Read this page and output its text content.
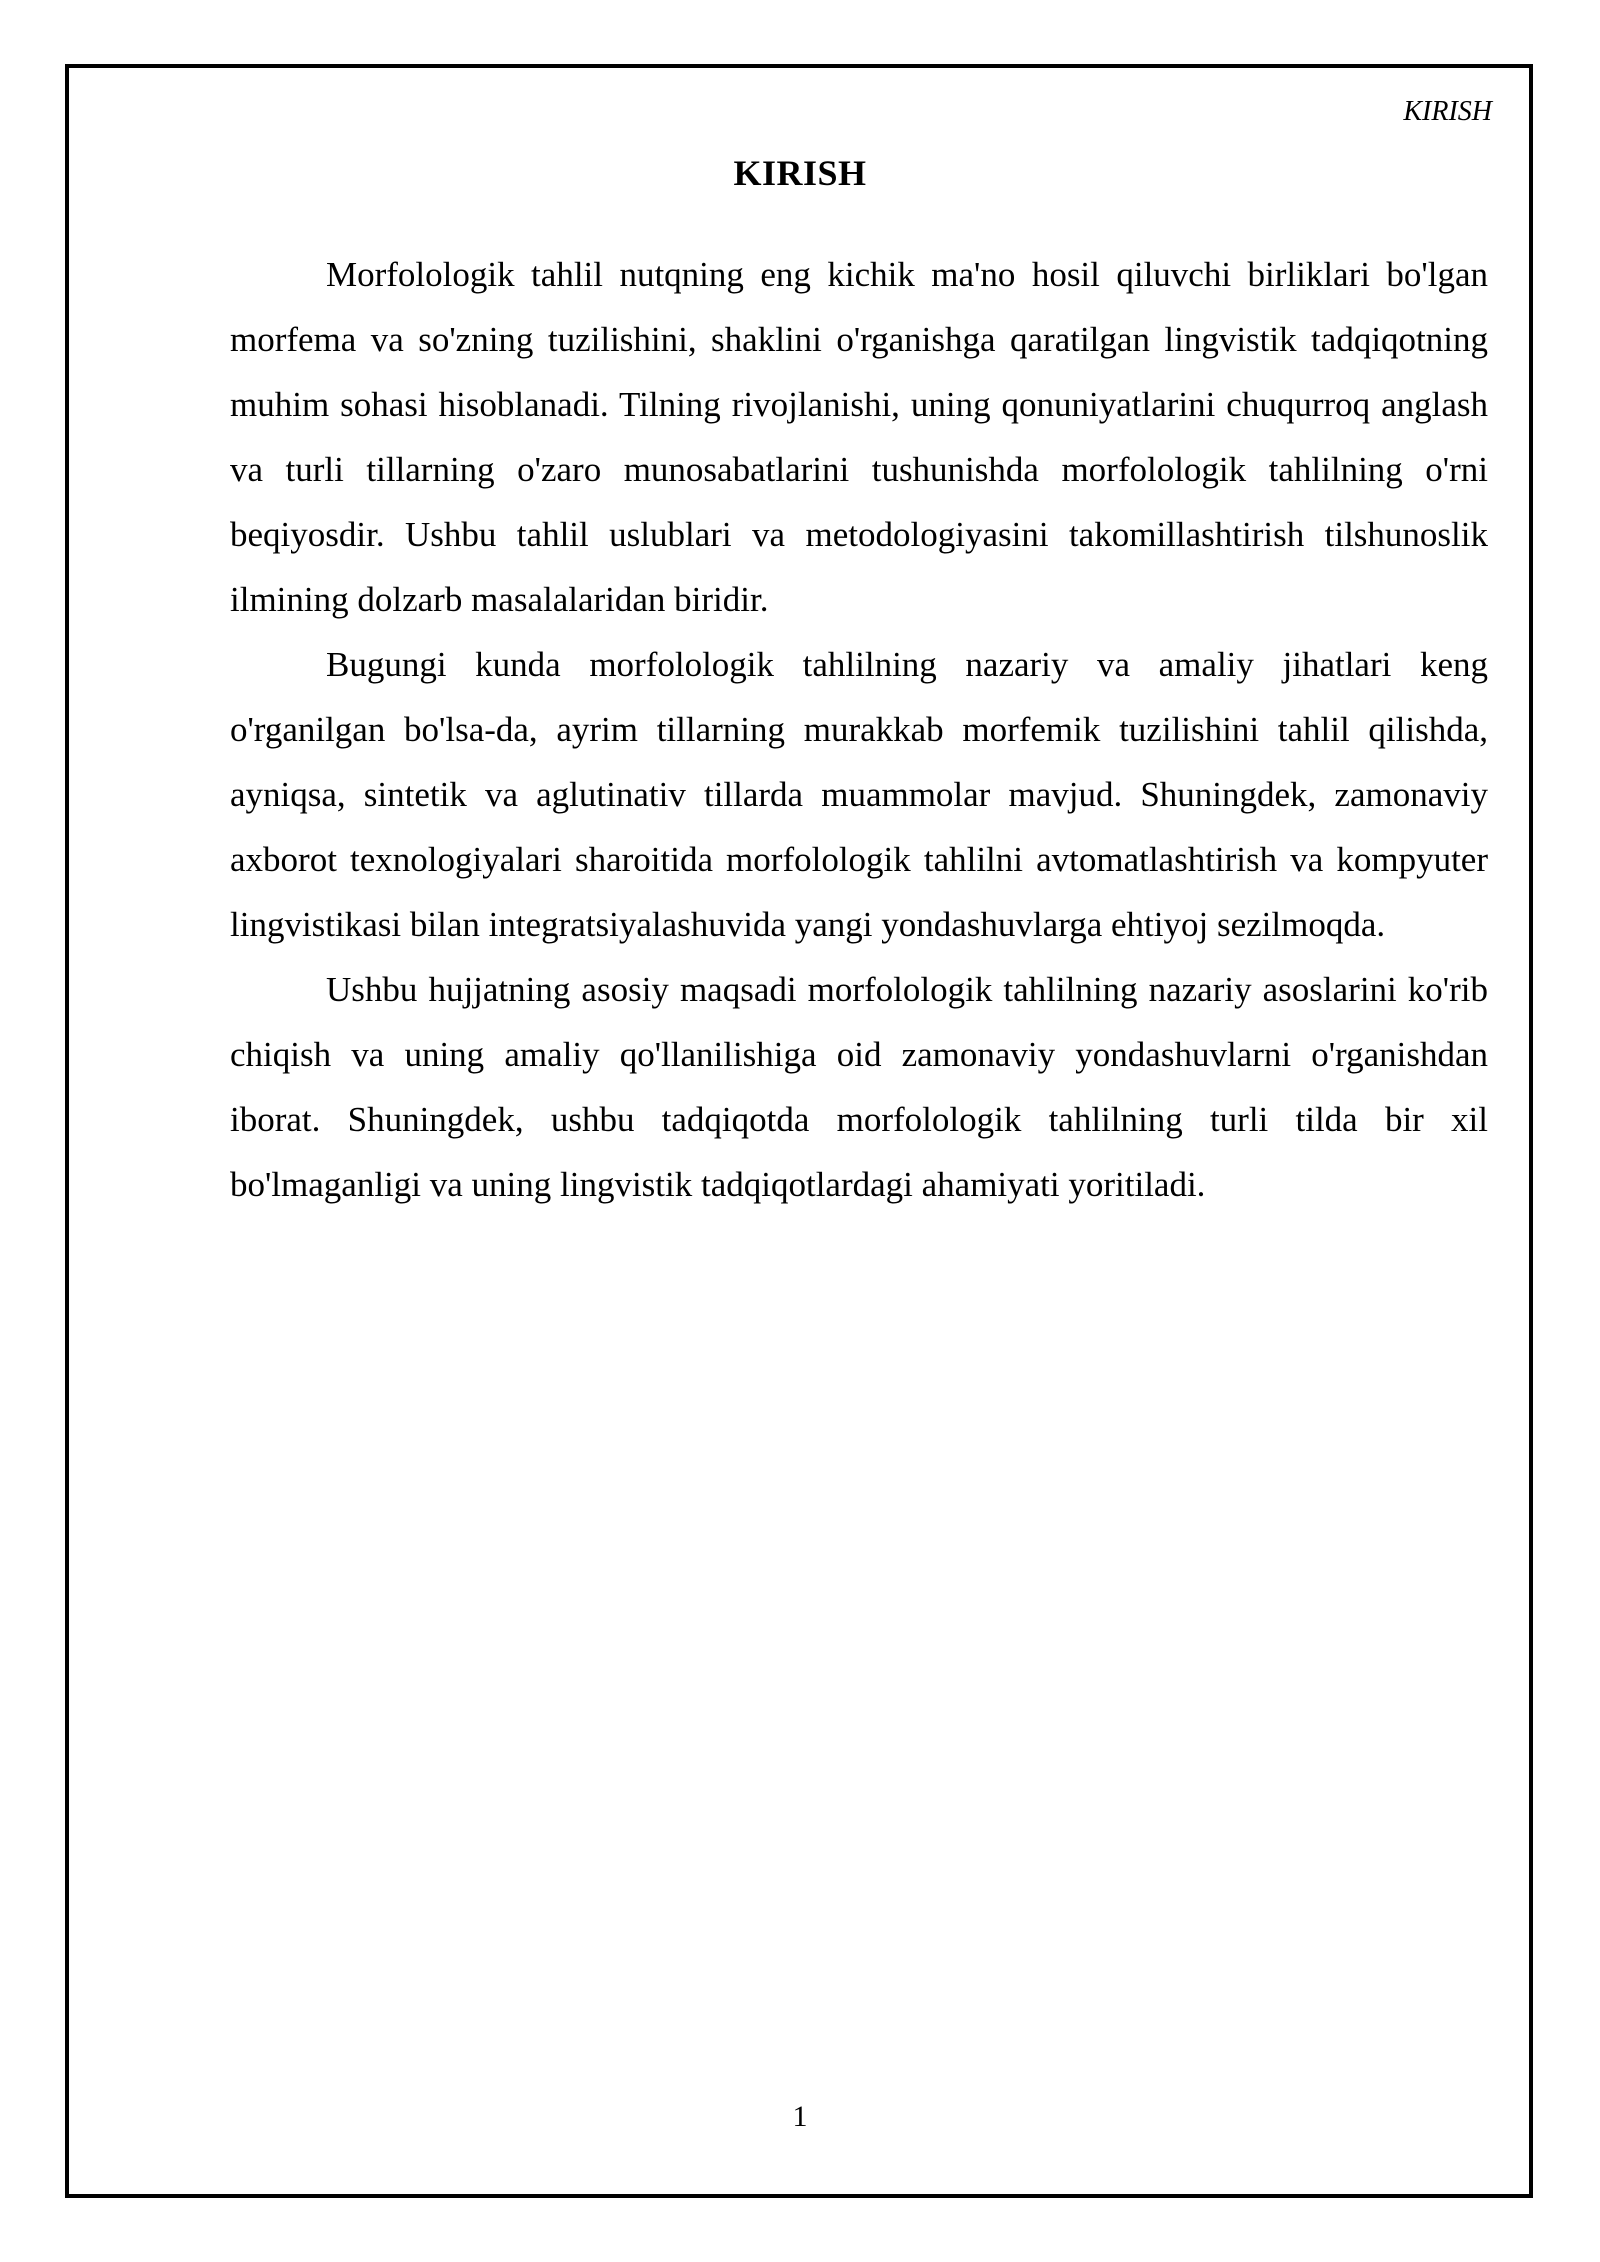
KIRISH
KIRISH

Morfolologik tahlil nutqning eng kichik ma'no hosil qiluvchi birliklari bo'lgan morfema va so'zning tuzilishini, shaklini o'rganishga qaratilgan lingvistik tadqiqotning muhim sohasi hisoblanadi. Tilning rivojlanishi, uning qonuniyatlarini chuqurroq anglash va turli tillarning o'zaro munosabatlarini tushunishda morfolologik tahlilning o'rni beqiyosdir. Ushbu tahlil uslublari va metodologiyasini takomillashtirish tilshunoslik ilmining dolzarb masalalaridan biridir.

Bugungi kunda morfolologik tahlilning nazariy va amaliy jihatlari keng o'rganilgan bo'lsa-da, ayrim tillarning murakkab morfemik tuzilishini tahlil qilishda, ayniqsa, sintetik va aglutinativ tillarda muammolar mavjud. Shuningdek, zamonaviy axborot texnologiyalari sharoitida morfolologik tahlilni avtomatlashtirish va kompyuter lingvistikasi bilan integratsiyalashuvida yangi yondashuvlarga ehtiyoj sezilmoqda.

Ushbu hujjatning asosiy maqsadi morfolologik tahlilning nazariy asoslarini ko'rib chiqish va uning amaliy qo'llanilishiga oid zamonaviy yondashuvlarni o'rganishdan iborat. Shuningdek, ushbu tadqiqotda morfolologik tahlilning turli tilda bir xil bo'lmaganligi va uning lingvistik tadqiqotlardagi ahamiyati yoritiladi.

1
